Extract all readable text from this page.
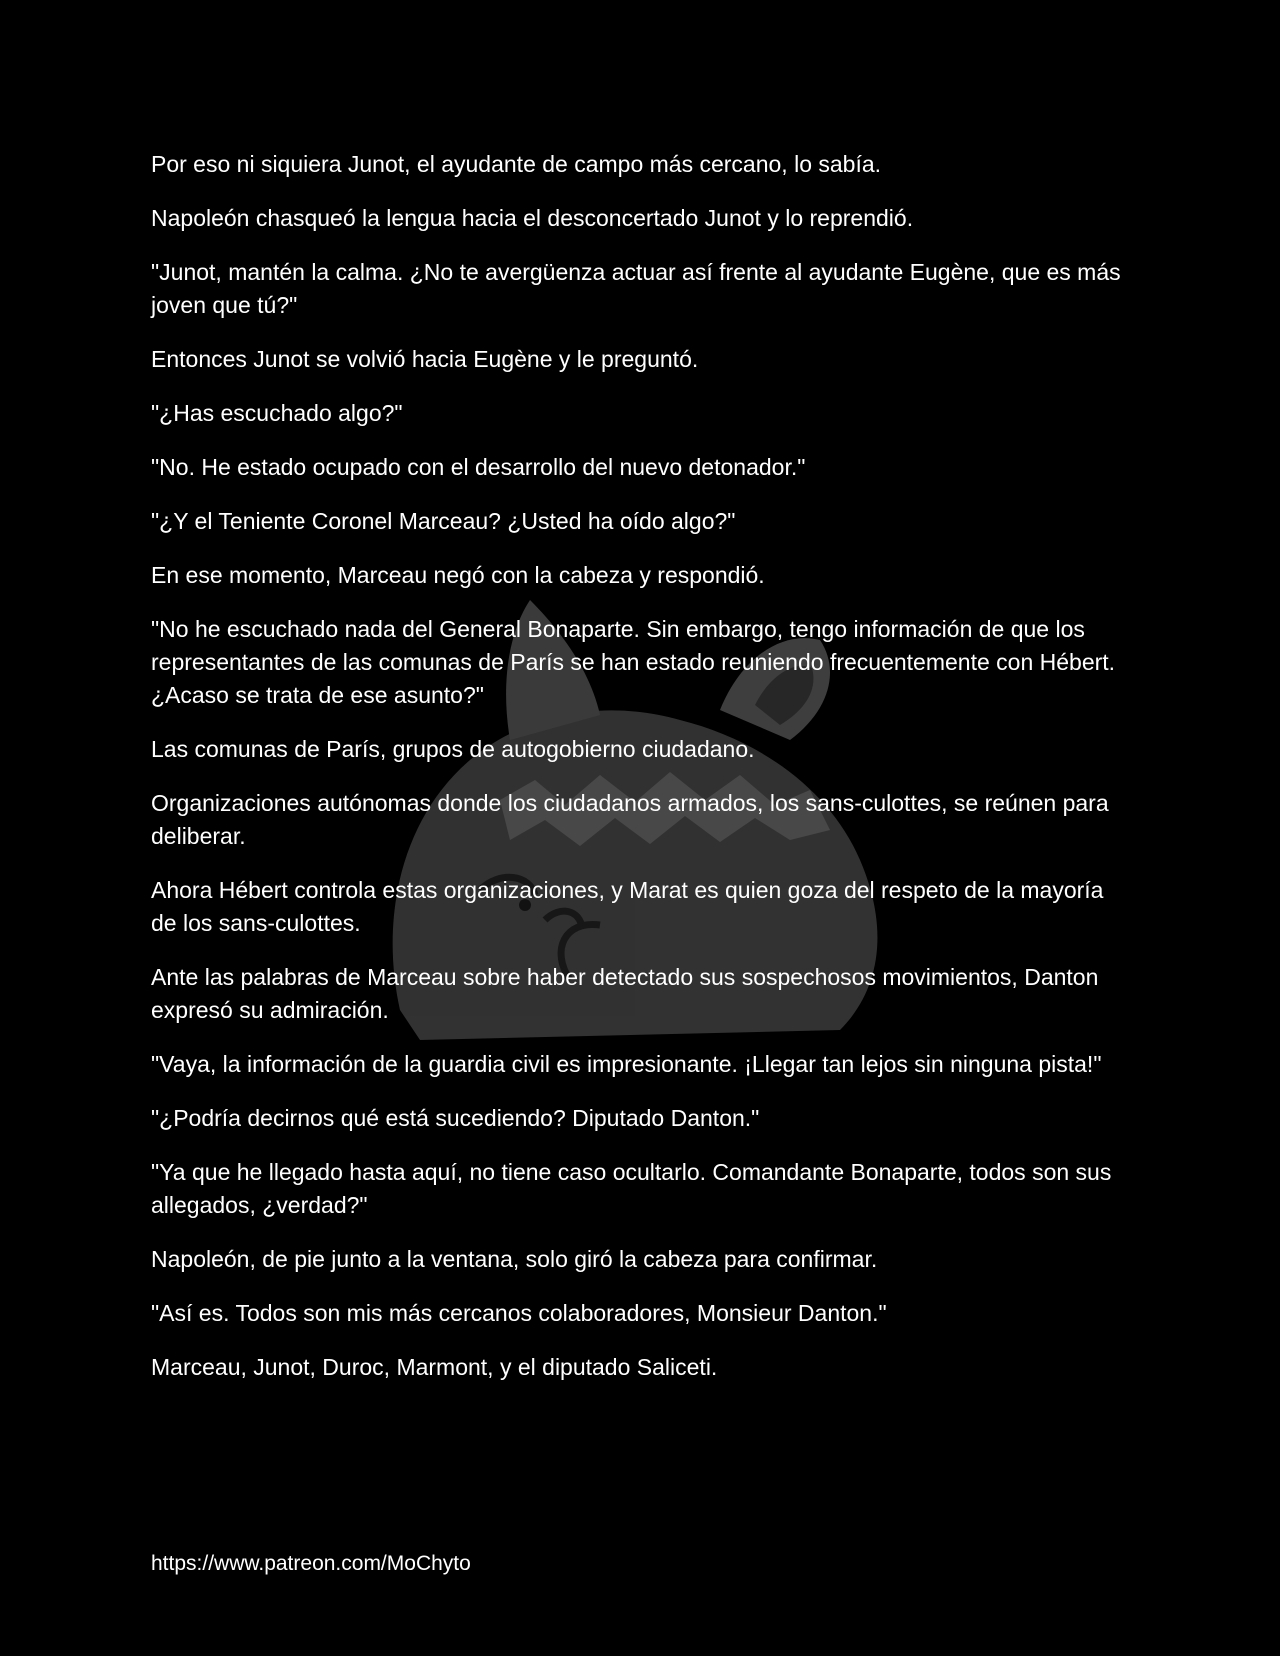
Por eso ni siquiera Junot, el ayudante de campo más cercano, lo sabía.

Napoleón chasqueó la lengua hacia el desconcertado Junot y lo reprendió.

"Junot, mantén la calma. ¿No te avergüenza actuar así frente al ayudante Eugène, que es más joven que tú?"

Entonces Junot se volvió hacia Eugène y le preguntó.

"¿Has escuchado algo?"

"No. He estado ocupado con el desarrollo del nuevo detonador."

"¿Y el Teniente Coronel Marceau? ¿Usted ha oído algo?"

En ese momento, Marceau negó con la cabeza y respondió.

"No he escuchado nada del General Bonaparte. Sin embargo, tengo información de que los representantes de las comunas de París se han estado reuniendo frecuentemente con Hébert. ¿Acaso se trata de ese asunto?"

Las comunas de París, grupos de autogobierno ciudadano.

Organizaciones autónomas donde los ciudadanos armados, los sans-culottes, se reúnen para deliberar.

Ahora Hébert controla estas organizaciones, y Marat es quien goza del respeto de la mayoría de los sans-culottes.

Ante las palabras de Marceau sobre haber detectado sus sospechosos movimientos, Danton expresó su admiración.

"Vaya, la información de la guardia civil es impresionante. ¡Llegar tan lejos sin ninguna pista!"

"¿Podría decirnos qué está sucediendo? Diputado Danton."

"Ya que he llegado hasta aquí, no tiene caso ocultarlo. Comandante Bonaparte, todos son sus allegados, ¿verdad?"

Napoleón, de pie junto a la ventana, solo giró la cabeza para confirmar.

"Así es. Todos son mis más cercanos colaboradores, Monsieur Danton."

Marceau, Junot, Duroc, Marmont, y el diputado Saliceti.

https://www.patreon.com/MoChyto
